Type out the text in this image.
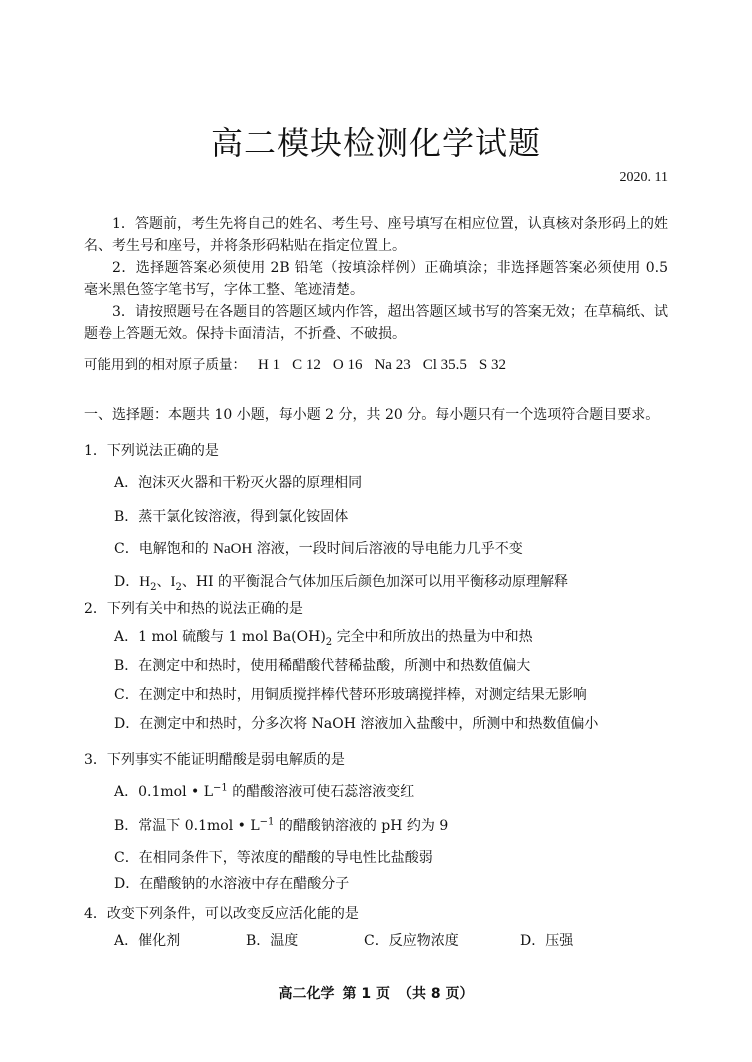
高二模块检测化学试题
2020. 11

1．答题前，考生先将自己的姓名、考生号、座号填写在相应位置，认真核对条形码上的姓名、考生号和座号，并将条形码粘贴在指定位置上。

2．选择题答案必须使用 2B 铅笔（按填涂样例）正确填涂；非选择题答案必须使用 0.5 毫米黑色签字笔书写，字体工整、笔迹清楚。

3．请按照题号在各题目的答题区域内作答，超出答题区域书写的答案无效；在草稿纸、试题卷上答题无效。保持卡面清洁，不折叠、不破损。

可能用到的相对原子质量： H 1 C 12 O 16 Na 23 Cl 35.5 S 32
一、选择题：本题共 10 小题，每小题 2 分，共 20 分。每小题只有一个选项符合题目要求。
1．下列说法正确的是
A．泡沫灭火器和干粉灭火器的原理相同
B．蒸干氯化铵溶液，得到氯化铵固体
C．电解饱和的 NaOH 溶液，一段时间后溶液的导电能力几乎不变
D．$H_2$、$I_2$、HI 的平衡混合气体加压后颜色加深可以用平衡移动原理解释
2．下列有关中和热的说法正确的是
A．1 mol 硫酸与 1 mol $Ba(OH)_2$ 完全中和所放出的热量为中和热
B．在测定中和热时，使用稀醋酸代替稀盐酸，所测中和热数值偏大
C．在测定中和热时，用铜质搅拌棒代替环形玻璃搅拌棒，对测定结果无影响
D．在测定中和热时，分多次将 NaOH 溶液加入盐酸中，所测中和热数值偏小
3．下列事实不能证明醋酸是弱电解质的是
A．0.1mol • $L^{-1}$ 的醋酸溶液可使石蕊溶液变红
B．常温下 0.1mol • $L^{-1}$ 的醋酸钠溶液的 pH 约为 9
C．在相同条件下，等浓度的醋酸的导电性比盐酸弱
D．在醋酸钠的水溶液中存在醋酸分子
4．改变下列条件，可以改变反应活化能的是
A．催化剂	B．温度	C．反应物浓度	D．压强
高二化学 第 1 页 （共 8 页）
